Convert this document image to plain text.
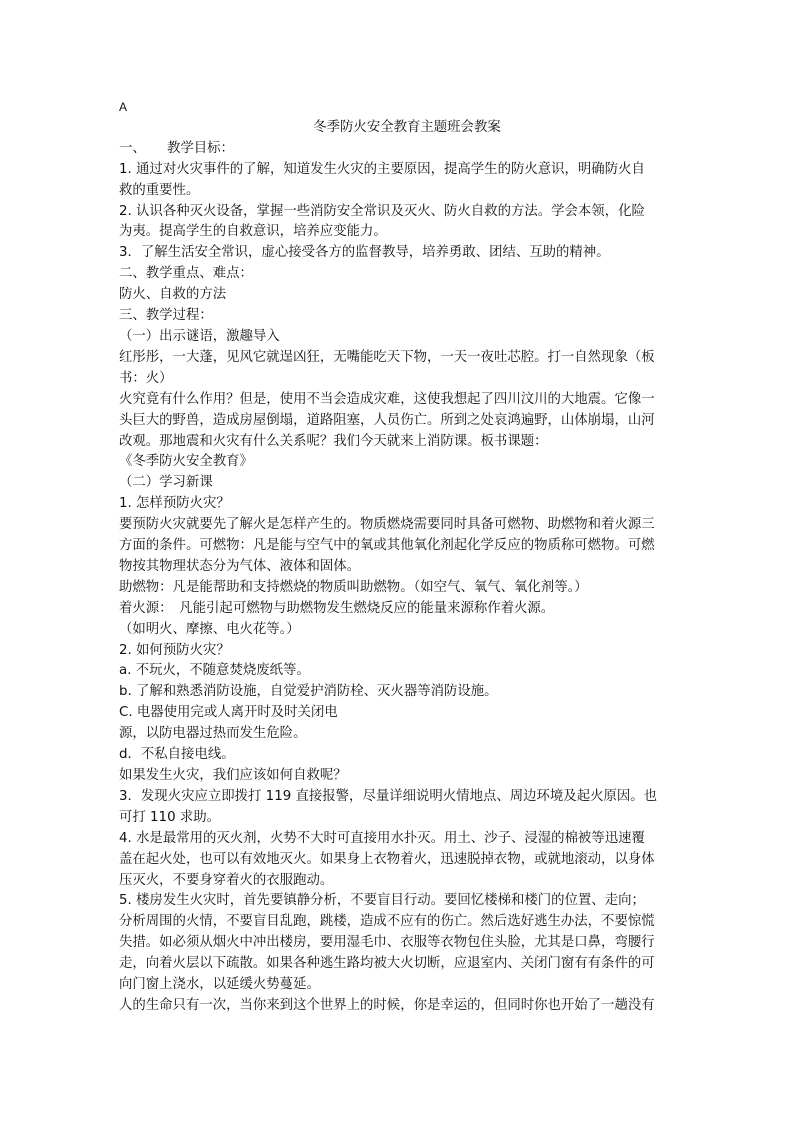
A
冬季防火安全教育主题班会教案
一、 教学目标：
1. 通过对火灾事件的了解，知道发生火灾的主要原因，提高学生的防火意识，明确防火自
救的重要性。
2. 认识各种灭火设备，掌握一些消防安全常识及灭火、防火自救的方法。学会本领，化险
为夷。提高学生的自救意识，培养应变能力。
3．了解生活安全常识，虚心接受各方的监督教导，培养勇敢、团结、互助的精神。
二、教学重点、难点：
防火、自救的方法
三、教学过程：
（一）出示谜语，激趣导入
红彤彤，一大蓬，见风它就逞凶狂，无嘴能吃天下物，一天一夜吐芯腔。打一自然现象（板
书：火）
火究竟有什么作用？但是，使用不当会造成灾难，这使我想起了四川汶川的大地震。它像一
头巨大的野兽，造成房屋倒塌，道路阻塞，人员伤亡。所到之处哀鸿遍野，山体崩塌，山河
改观。那地震和火灾有什么关系呢？我们今天就来上消防课。板书课题：
《冬季防火安全教育》
（二）学习新课
1. 怎样预防火灾？
要预防火灾就要先了解火是怎样产生的。物质燃烧需要同时具备可燃物、助燃物和着火源三
方面的条件。可燃物：凡是能与空气中的氧或其他氧化剂起化学反应的物质称可燃物。可燃
物按其物理状态分为气体、液体和固体。
助燃物：凡是能帮助和支持燃烧的物质叫助燃物。（如空气、氧气、氧化剂等。）
着火源：　凡能引起可燃物与助燃物发生燃烧反应的能量来源称作着火源。
（如明火、摩擦、电火花等。）
2. 如何预防火灾？
a. 不玩火，不随意焚烧废纸等。
b. 了解和熟悉消防设施，自觉爱护消防栓、灭火器等消防设施。
C. 电器使用完或人离开时及时关闭电
源，以防电器过热而发生危险。
d．不私自接电线。
如果发生火灾，我们应该如何自救呢？
3．发现火灾应立即拨打 119 直接报警，尽量详细说明火情地点、周边环境及起火原因。也
可打 110 求助。
4. 水是最常用的灭火剂，火势不大时可直接用水扑灭。用土、沙子、浸湿的棉被等迅速覆
盖在起火处，也可以有效地灭火。如果身上衣物着火，迅速脱掉衣物，或就地滚动，以身体
压灭火，不要身穿着火的衣服跑动。
5. 楼房发生火灾时，首先要镇静分析，不要盲目行动。要回忆楼梯和楼门的位置、走向；
分析周围的火情，不要盲目乱跑，跳楼，造成不应有的伤亡。然后选好逃生办法，不要惊慌
失措。如必须从烟火中冲出楼房，要用湿毛巾、衣服等衣物包住头脸，尤其是口鼻，弯腰行
走，向着火层以下疏散。如果各种逃生路均被大火切断，应退室内、关闭门窗有有条件的可
向门窗上浇水，以延缓火势蔓延。
人的生命只有一次，当你来到这个世界上的时候，你是幸运的，但同时你也开始了一趟没有
